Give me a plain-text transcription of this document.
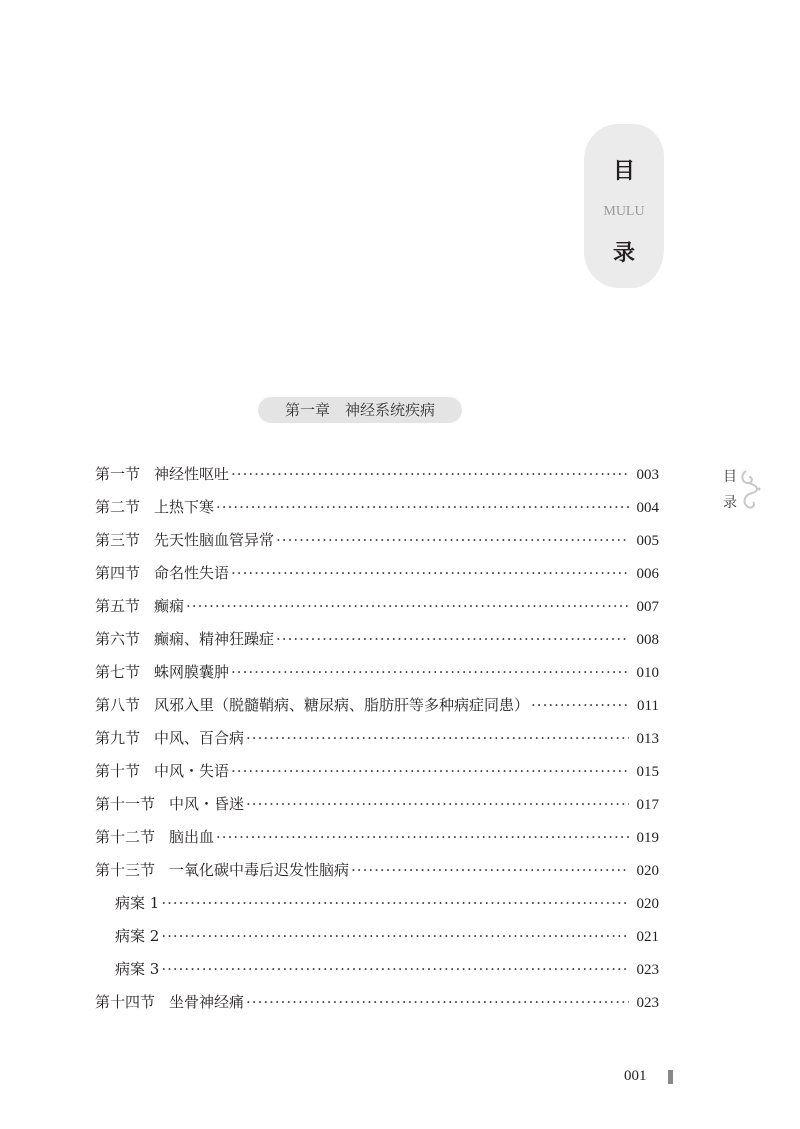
目
MULU
录
第一章　神经系统疾病
第一节 神经性呕吐 ·····	003
第二节 上热下寒 ·····	004
第三节 先天性脑血管异常 ·····	005
第四节 命名性失语 ·····	006
第五节 癫痫 ·····	007
第六节 癫痫、精神狂躁症 ·····	008
第七节 蛛网膜囊肿 ·····	010
第八节 风邪入里（脱髓鞘病、糖尿病、脂肪肝等多种病症同患） ·····	011
第九节 中风、百合病 ·····	013
第十节 中风・失语 ·····	015
第十一节 中风・昏迷 ·····	017
第十二节 脑出血 ·····	019
第十三节 一氧化碳中毒后迟发性脑病 ·····	020
病案 1 ·····	020
病案 2 ·····	021
病案 3 ·····	023
第十四节 坐骨神经痛 ·····	023
目
录
001
